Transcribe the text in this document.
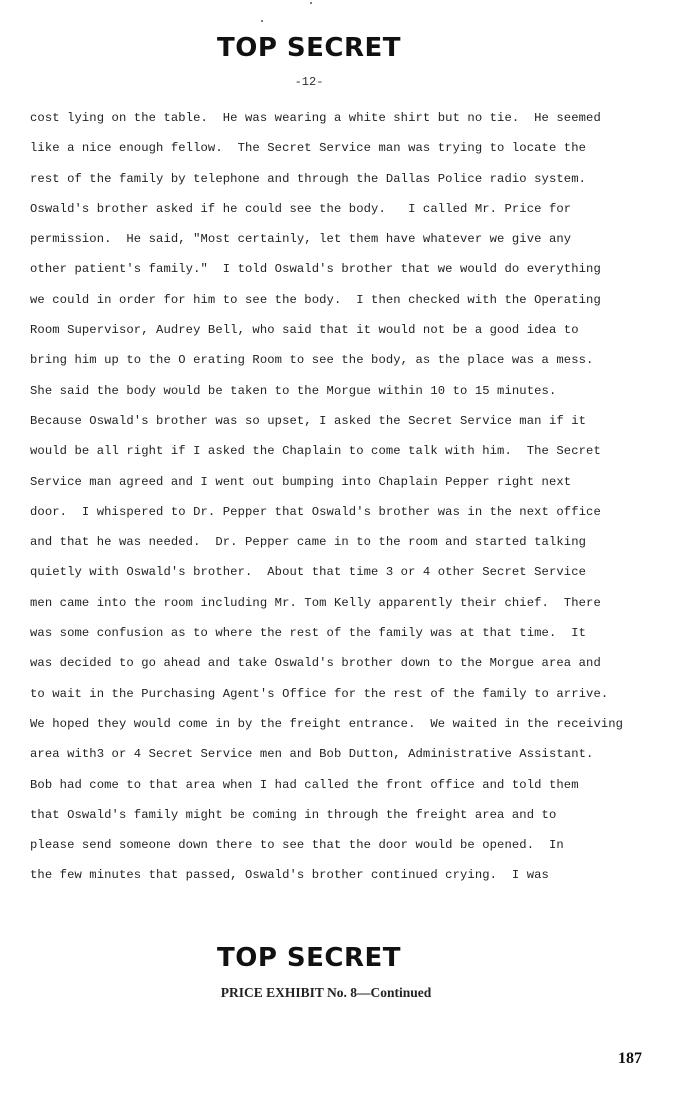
TOP SECRET
-12-
cost lying on the table.  He was wearing a white shirt but no tie.  He seemed
like a nice enough fellow.  The Secret Service man was trying to locate the
rest of the family by telephone and through the Dallas Police radio system.
Oswald's brother asked if he could see the body.   I called Mr. Price for
permission.  He said, "Most certainly, let them have whatever we give any
other patient's family."  I told Oswald's brother that we would do everything
we could in order for him to see the body.  I then checked with the Operating
Room Supervisor, Audrey Bell, who said that it would not be a good idea to
bring him up to the O erating Room to see the body, as the place was a mess.
She said the body would be taken to the Morgue within 10 to 15 minutes.
Because Oswald's brother was so upset, I asked the Secret Service man if it
would be all right if I asked the Chaplain to come talk with him.  The Secret
Service man agreed and I went out bumping into Chaplain Pepper right next
door.  I whispered to Dr. Pepper that Oswald's brother was in the next office
and that he was needed.  Dr. Pepper came in to the room and started talking
quietly with Oswald's brother.  About that time 3 or 4 other Secret Service
men came into the room including Mr. Tom Kelly apparently their chief.  There
was some confusion as to where the rest of the family was at that time.  It
was decided to go ahead and take Oswald's brother down to the Morgue area and
to wait in the Purchasing Agent's Office for the rest of the family to arrive.
We hoped they would come in by the freight entrance.  We waited in the receiving
area with3 or 4 Secret Service men and Bob Dutton, Administrative Assistant.
Bob had come to that area when I had called the front office and told them
that Oswald's family might be coming in through the freight area and to
please send someone down there to see that the door would be opened.  In
the few minutes that passed, Oswald's brother continued crying.  I was
TOP SECRET
PRICE EXHIBIT No. 8—Continued
187
